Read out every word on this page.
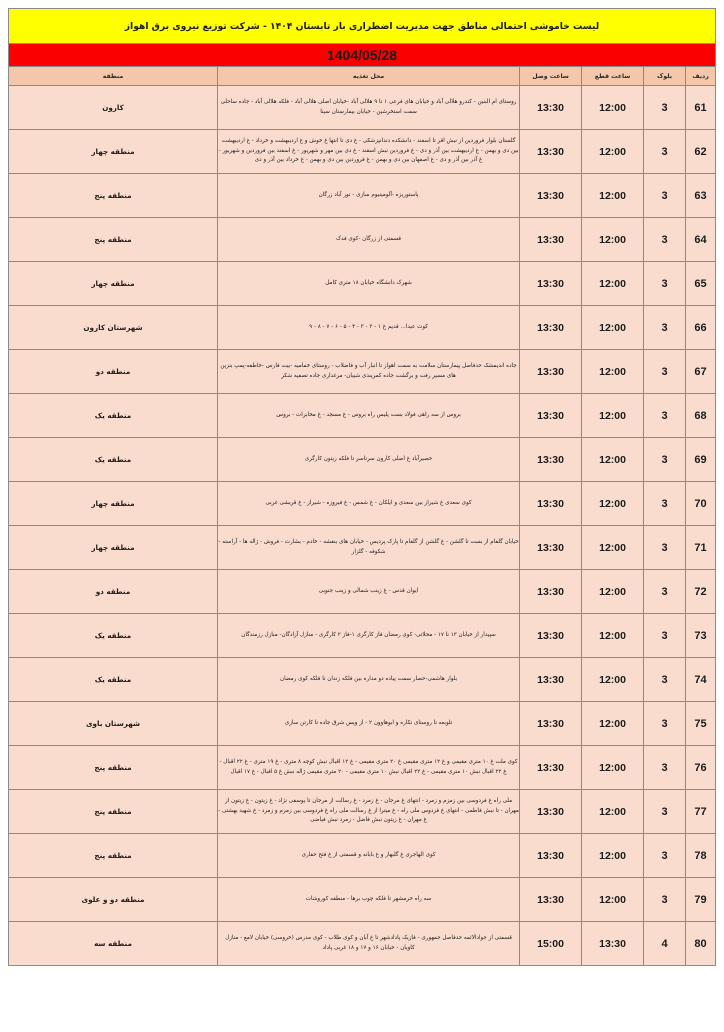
لیست خاموشی احتمالی مناطق جهت مدیریت اضطراری بار تابستان ۱۴۰۴ - شرکت توزیع نیروی برق اهواز					
1404/05/28					
ردیف	بلوک	ساعت قطع	ساعت وصل	محل تغذیه	منطقه
61	3	12:00	13:30	روستای ام البنین - کندرو هلالی آباد و خیابان های فرعی ۱ تا ۹ هلالی آباد -خیابان اصلی هلالی آباد - فلکه هلالی آباد - جاده ساحلی سمت استخرشین - خیابان بیمارستان سینا	کارون
62	3	12:00	13:30	گلستان بلوار فروردین از نبش اقر تا اسفند - دانشکده دندانپزشکی - غ دی تا انتها غ خوش و غ اردیبهشت و خرداد - غ اردیبهشت بین دی و بهمن - غ اردیبهشت بین آذر و دی - غ فروردین نبش اسفند - غ دی بین مهر و شهریور - غ اسفند بین فروردین و شهریور - غ آذر بین آذر و دی - غ اصفهان بین دی و بهمن - غ فروردین بین دی و بهمن - غ خرداد بین آذر و دی	منطقه چهار
63	3	12:00	13:30	پاستوریزه -آلومینیوم سازی - نور آباد زرگان	منطقه پنج
64	3	12:00	13:30	قسمتی از زرگان -کوی فدک	منطقه پنج
65	3	12:00	13:30	شهرک دانشگاه خیابان ۱۸ متری کامل	منطقه چهار
66	3	12:00	13:30	کوت عبدا... قدیم غ ۱ - ۲ - ۳ - ۴ - ۵ - ۶ - ۷ - ۸ - ۹	شهرستان کارون
67	3	12:00	13:30	جاده اندیمشک حدفاصل پیمارستان سلامت به سمت اهواز تا انبار آب و فاضلاب - روستای خمامیه -بیت فارس -خاطفه-پمپ بنزین های مسیر رفت و برگشت جاده کمربندی شیبان- مرغداری جاده تصفیه شکر	منطقه دو
68	3	12:00	13:30	بروس از سه راهی فولاد بست پلیس راه بروس - غ مسجد - غ مخابرات - بروس	منطقه یک
69	3	12:00	13:30	حصیرآباد غ اصلی کارون سرتاسر تا فلکه زیتون کارگری	منطقه یک
70	3	12:00	13:30	کوی سعدی غ شیراز بین سعدی و ایلکان - غ شمس - غ فیروزه - شیراز - غ قریشی غربی	منطقه چهار
71	3	12:00	13:30	خیابان گلفام از بست تا گلشن - غ گلشن از گلفام تا پارک پردیس - خیابان های بنفشه - خادم - بشارت - فروش - ژاله ها - آراسته - شکوفه - گلزار	منطقه چهار
72	3	12:00	13:30	ایوان قدس - غ زینب شمالی و زینب جنوبی	منطقه دو
73	3	12:00	13:30	سپیدار از خیابان ۱۳ تا ۱۷ - محلاتی- کوی رمضان فاز کارگری ۱-فاز ۲ کارگری - منازل آزادگان- منازل رزمندگان	منطقه یک
74	3	12:00	13:30	بلوار هاشمی-حصار سمت پیاده دو مداره بین فلکه زندان تا فلکه کوی رمضان	منطقه یک
75	3	12:00	13:30	تلوبعه تا روستای نکاره و ابوهاوون ۲ - از ویس شرق جاده تا کارتن سازی	شهرستان باوی
76	3	12:00	13:30	کوی ملت غ ۱۰ متری مقیمی و غ ۱۲ متری مقیمی غ ۲۰ متری مقیمی - غ ۱۲ اقبال نبش کوچه ۸ متری - غ ۱۹ متری - غ ۲۲ اقبال - غ ۲۲ اقبال نبش ۱۰ متری مقیمی - غ ۲۲ اقبال نبش ۱۰ متری مقیمی - ۲۰ متری مقیمی ژاله نبش غ ۵ اقبال - غ ۱۷ اقبال	منطقه پنج
77	3	12:00	13:30	ملی راه غ فردوسی بین زمزم و زمرد - انتهای غ مرجان - غ زمرد - غ رسالت از مرجان تا یوسفی نژاد - غ زیتون - غ زیتون از مهران - تا نبش فاطمی - انتهای غ فردوس ملی راه - غ میترا از غ رسالت ملی راه غ فردوسی بین زمزم و زمرد - غ شهید بهشتی - غ مهران - غ زیتون نبش فاضل - زمرد نبش فیاضی	منطقه پنج
78	3	12:00	13:30	کوی الهاجری غ گلبهار و غ بابانه و قسمتی از غ فتح حفاری	منطقه پنج
79	3	12:00	13:30	سه راه خرمشهر تا فلکه چوب برها - منطقه کوروشات	منطقه دو و علوی
80	4	13:30	15:00	قسمتی از جوادالائمه حدفاصل جمهوری - فازیک پادادشهر تا غ آبان و کوی طلاب - کوی مدرس (خروسی) خیابان لامع - منازل کاویان - خیابان ۱۶ و ۱۷ و ۱۸ غربی پاداد	منطقه سه
